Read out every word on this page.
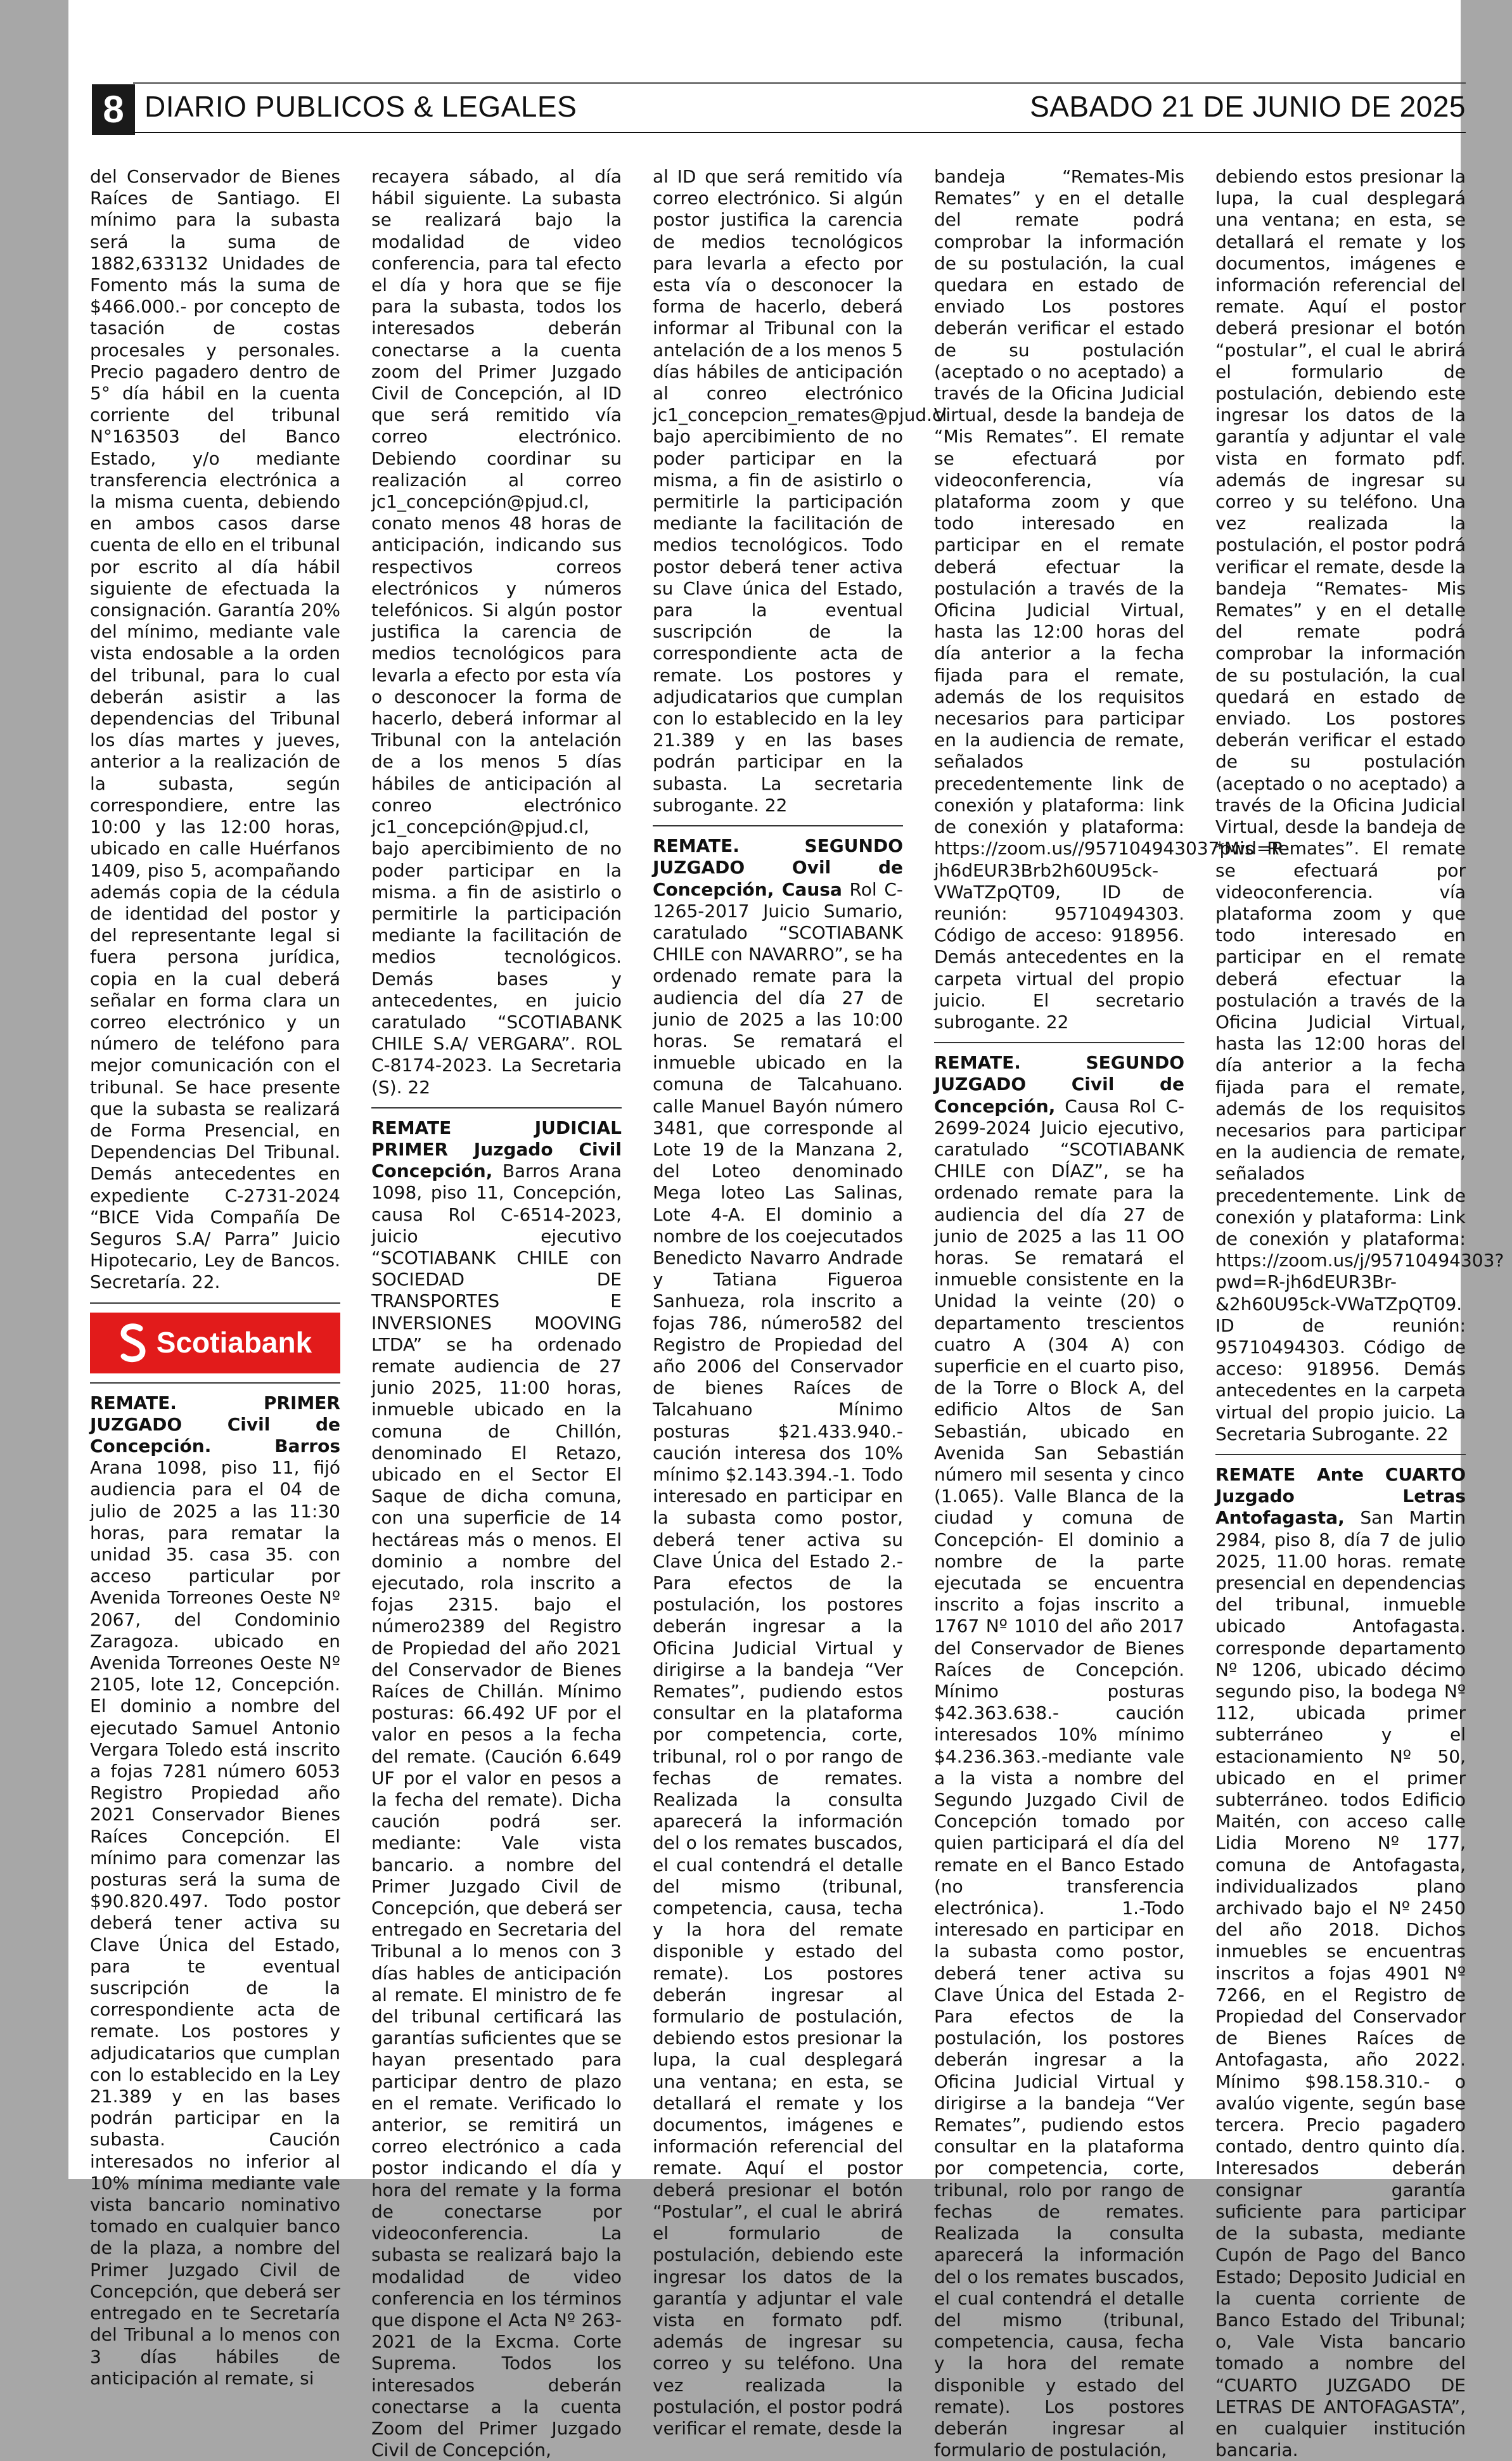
8 DIARIO PUBLICOS & LEGALES	SABADO 21 DE JUNIO DE 2025

del Conservador de Bienes Raíces de Santiago. El mínimo para la subasta será la suma de 1882,633132 Unidades de Fomento más la suma de $466.000.- por concepto de tasación de costas procesales y personales. Precio pagadero dentro de 5° día hábil en la cuenta corriente del tribunal N°163503 del Banco Estado, y/o mediante transferencia electrónica a la misma cuenta, debiendo en ambos casos darse cuenta de ello en el tribunal por escrito al día hábil siguiente de efectuada la consignación. Garantía 20% del mínimo, mediante vale vista endosable a la orden del tribunal, para lo cual deberán asistir a las dependencias del Tribunal los días martes y jueves, anterior a la realización de la subasta, según correspondiere, entre las 10:00 y las 12:00 horas, ubicado en calle Huérfanos 1409, piso 5, acompañando además copia de la cédula de identidad del postor y del representante legal si fuera persona jurídica, copia en la cual deberá señalar en forma clara un correo electrónico y un número de teléfono para mejor comunicación con el tribunal. Se hace presente que la subasta se realizará de Forma Presencial, en Dependencias Del Tribunal. Demás antecedentes en expediente C-2731-2024 “BICE Vida Compañía De Seguros S.A/ Parra” Juicio Hipotecario, Ley de Bancos. Secretaría. 22.

Scotiabank

REMATE. PRIMER JUZGADO Civil de Concepción. Barros Arana 1098, piso 11, fijó audiencia para el 04 de julio de 2025 a las 11:30 horas, para rematar la unidad 35. casa 35. con acceso particular por Avenida Torreones Oeste Nº 2067, del Condominio Zaragoza. ubicado en Avenida Torreones Oeste Nº 2105, lote 12, Concepción. El dominio a nombre del ejecutado Samuel Antonio Vergara Toledo está inscrito a fojas 7281 número 6053 Registro Propiedad año 2021 Conservador Bienes Raíces Concepción. El mínimo para comenzar las posturas será la suma de $90.820.497. Todo postor deberá tener activa su Clave Única del Estado, para te eventual suscripción de la correspondiente acta de remate. Los postores y adjudicatarios que cumplan con lo establecido en la Ley 21.389 y en las bases podrán participar en la subasta. Caución interesados no inferior al 10% mínima mediante vale vista bancario nominativo tomado en cualquier banco de la plaza, a nombre del Primer Juzgado Civil de Concepción, que deberá ser entregado en te Secretaría del Tribunal a lo menos con 3 días hábiles de anticipación al remate, si

recayera sábado, al día hábil siguiente. La subasta se realizará bajo la modalidad de video conferencia, para tal efecto el día y hora que se fije para la subasta, todos los interesados deberán conectarse a la cuenta zoom del Primer Juzgado Civil de Concepción, al ID que será remitido vía correo electrónico. Debiendo coordinar su realización al correo jc1_concepción@pjud.cl, conato menos 48 horas de anticipación, indicando sus respectivos correos electrónicos y números telefónicos. Si algún postor justifica la carencia de medios tecnológicos para levarla a efecto por esta vía o desconocer la forma de hacerlo, deberá informar al Tribunal con la antelación de a los menos 5 días hábiles de anticipación al conreo electrónico jc1_concepción@pjud.cl, bajo apercibimiento de no poder participar en la misma. a fin de asistirlo o permitirle la participación mediante la facilitación de medios tecnológicos. Demás bases y antecedentes, en juicio caratulado “SCOTIABANK CHILE S.A/ VERGARA”. ROL C-8174-2023. La Secretaria (S). 22

REMATE JUDICIAL PRIMER Juzgado Civil Concepción, Barros Arana 1098, piso 11, Concepción, causa Rol C-6514-2023, juicio ejecutivo “SCOTIABANK CHILE con SOCIEDAD DE TRANSPORTES E INVERSIONES MOOVING LTDA” se ha ordenado remate audiencia de 27 junio 2025, 11:00 horas, inmueble ubicado en la comuna de Chillón, denominado El Retazo, ubicado en el Sector El Saque de dicha comuna, con una superficie de 14 hectáreas más o menos. El dominio a nombre del ejecutado, rola inscrito a fojas 2315. bajo el número2389 del Registro de Propiedad del año 2021 del Conservador de Bienes Raíces de Chillán. Mínimo posturas: 66.492 UF por el valor en pesos a la fecha del remate. (Caución 6.649 UF por el valor en pesos a la fecha del remate). Dicha caución podrá ser. mediante: Vale vista bancario. a nombre del Primer Juzgado Civil de Concepción, que deberá ser entregado en Secretaria del Tribunal a lo menos con 3 días hables de anticipación al remate. El ministro de fe del tribunal certificará las garantías suficientes que se hayan presentado para participar dentro de plazo en el remate. Verificado lo anterior, se remitirá un correo electrónico a cada postor indicando el día y hora del remate y la forma de conectarse por videoconferencia. La subasta se realizará bajo la modalidad de video conferencia en los términos que dispone el Acta Nº 263-2021 de la Excma. Corte Suprema. Todos los interesados deberán conectarse a la cuenta Zoom del Primer Juzgado Civil de Concepción,

al ID que será remitido vía correo electrónico. Si algún postor justifica la carencia de medios tecnológicos para levarla a efecto por esta vía o desconocer la forma de hacerlo, deberá informar al Tribunal con la antelación de a los menos 5 días hábiles de anticipación al conreo electrónico jc1_concepcion_remates@pjud.cl bajo apercibimiento de no poder participar en la misma, a fin de asistirlo o permitirle la participación mediante la facilitación de medios tecnológicos. Todo postor deberá tener activa su Clave única del Estado, para la eventual suscripción de la correspondiente acta de remate. Los postores y adjudicatarios que cumplan con lo establecido en la ley 21.389 y en las bases podrán participar en la subasta. La secretaria subrogante. 22

REMATE. SEGUNDO JUZGADO Ovil de Concepción, Causa Rol C-1265-2017 Juicio Sumario, caratulado “SCOTIABANK CHILE con NAVARRO”, se ha ordenado remate para la audiencia del día 27 de junio de 2025 a las 10:00 horas. Se rematará el inmueble ubicado en la comuna de Talcahuano. calle Manuel Bayón número 3481, que corresponde al Lote 19 de la Manzana 2, del Loteo denominado Mega loteo Las Salinas, Lote 4-A. El dominio a nombre de los coejecutados Benedicto Navarro Andrade y Tatiana Figueroa Sanhueza, rola inscrito a fojas 786, número582 del Registro de Propiedad del año 2006 del Conservador de bienes Raíces de Talcahuano Mínimo posturas $21.433.940.-caución interesa dos 10% mínimo $2.143.394.-1. Todo interesado en participar en la subasta como postor, deberá tener activa su Clave Única del Estado 2.- Para efectos de la postulación, los postores deberán ingresar a la Oficina Judicial Virtual y dirigirse a la bandeja “Ver Remates”, pudiendo estos consultar en la plataforma por competencia, corte, tribunal, rol o por rango de fechas de remates. Realizada la consulta aparecerá la información del o los remates buscados, el cual contendrá el detalle del mismo (tribunal, competencia, causa, techa y la hora del remate disponible y estado del remate). Los postores deberán ingresar al formulario de postulación, debiendo estos presionar la lupa, la cual desplegará una ventana; en esta, se detallará el remate y los documentos, imágenes e información referencial del remate. Aquí el postor deberá presionar el botón “Postular”, el cual le abrirá el formulario de postulación, debiendo este ingresar los datos de la garantía y adjuntar el vale vista en formato pdf. además de ingresar su correo y su teléfono. Una vez realizada la postulación, el postor podrá verificar el remate, desde la

bandeja “Remates-Mis Remates” y en el detalle del remate podrá comprobar la información de su postulación, la cual quedara en estado de enviado Los postores deberán verificar el estado de su postulación (aceptado o no aceptado) a través de la Oficina Judicial Virtual, desde la bandeja de “Mis Remates”. El remate se efectuará por videoconferencia, vía plataforma zoom y que todo interesado en participar en el remate deberá efectuar la postulación a través de la Oficina Judicial Virtual, hasta las 12:00 horas del día anterior a la fecha fijada para el remate, además de los requisitos necesarios para participar en la audiencia de remate, señalados precedentemente link de conexión y plataforma: link de conexión y plataforma: https://zoom.us//957104943037pwd=R-jh6dEUR3Brb2h60U95ck-VWaTZpQT09, ID de reunión: 95710494303. Código de acceso: 918956. Demás antecedentes en la carpeta virtual del propio juicio. El secretario subrogante. 22

REMATE. SEGUNDO JUZGADO Civil de Concepción, Causa Rol C-2699-2024 Juicio ejecutivo, caratulado “SCOTIABANK CHILE con DÍAZ”, se ha ordenado remate para la audiencia del día 27 de junio de 2025 a las 11 OO horas. Se rematará el inmueble consistente en la Unidad la veinte (20) o departamento trescientos cuatro A (304 A) con superficie en el cuarto piso, de la Torre o Block A, del edificio Altos de San Sebastián, ubicado en Avenida San Sebastián número mil sesenta y cinco (1.065). Valle Blanca de la ciudad y comuna de Concepción- El dominio a nombre de la parte ejecutada se encuentra inscrito a fojas inscrito a 1767 Nº 1010 del año 2017 del Conservador de Bienes Raíces de Concepción. Mínimo posturas $42.363.638.- caución interesados 10% mínimo $4.236.363.-mediante vale a la vista a nombre del Segundo Juzgado Civil de Concepción tomado por quien participará el día del remate en el Banco Estado (no transferencia electrónica). 1.-Todo interesado en participar en la subasta como postor, deberá tener activa su Clave Única del Estada 2-Para efectos de la postulación, los postores deberán ingresar a la Oficina Judicial Virtual y dirigirse a la bandeja “Ver Remates”, pudiendo estos consultar en la plataforma por competencia, corte, tribunal, rolo por rango de fechas de remates. Realizada la consulta aparecerá la información del o los remates buscados, el cual contendrá el detalle del mismo (tribunal, competencia, causa, fecha y la hora del remate disponible y estado del remate). Los postores deberán ingresar al formulario de postulación,

debiendo estos presionar la lupa, la cual desplegará una ventana; en esta, se detallará el remate y los documentos, imágenes e información referencial del remate. Aquí el postor deberá presionar el botón “postular”, el cual le abrirá el formulario de postulación, debiendo este ingresar los datos de la garantía y adjuntar el vale vista en formato pdf. además de ingresar su correo y su teléfono. Una vez realizada la postulación, el postor podrá verificar el remate, desde la bandeja “Remates- Mis Remates” y en el detalle del remate podrá comprobar la información de su postulación, la cual quedará en estado de enviado. Los postores deberán verificar el estado de su postulación (aceptado o no aceptado) a través de la Oficina Judicial Virtual, desde la bandeja de *Mis Remates”. El remate se efectuará por videoconferencia. vía plataforma zoom y que todo interesado en participar en el remate deberá efectuar la postulación a través de la Oficina Judicial Virtual, hasta las 12:00 horas del día anterior a la fecha fijada para el remate, además de los requisitos necesarios para participar en la audiencia de remate, señalados precedentemente. Link de conexión y plataforma: Link de conexión y plataforma: https://zoom.us/j/95710494303?pwd=R-jh6dEUR3Br-&2h60U95ck-VWaTZpQT09. ID de reunión: 95710494303. Código de acceso: 918956. Demás antecedentes en la carpeta virtual del propio juicio. La Secretaria Subrogante. 22

REMATE Ante CUARTO Juzgado Letras Antofagasta, San Martin 2984, piso 8, día 7 de julio 2025, 11.00 horas. remate presencial en dependencias del tribunal, inmueble ubicado Antofagasta. corresponde departamento Nº 1206, ubicado décimo segundo piso, la bodega Nº 112, ubicada primer subterráneo y el estacionamiento Nº 50, ubicado en el primer subterráneo. todos Edificio Maitén, con acceso calle Lidia Moreno Nº 177, comuna de Antofagasta, individualizados plano archivado bajo el Nº 2450 del año 2018. Dichos inmuebles se encuentras inscritos a fojas 4901 Nº 7266, en el Registro de Propiedad del Conservador de Bienes Raíces de Antofagasta, año 2022. Mínimo $98.158.310.- o avalúo vigente, según base tercera. Precio pagadero contado, dentro quinto día. Interesados deberán consignar garantía suficiente para participar de la subasta, mediante Cupón de Pago del Banco Estado; Deposito Judicial en la cuenta corriente de Banco Estado del Tribunal; o, Vale Vista bancario tomado a nombre del “CUARTO JUZGADO DE LETRAS DE ANTOFAGASTA”, en cualquier institución bancaria.
